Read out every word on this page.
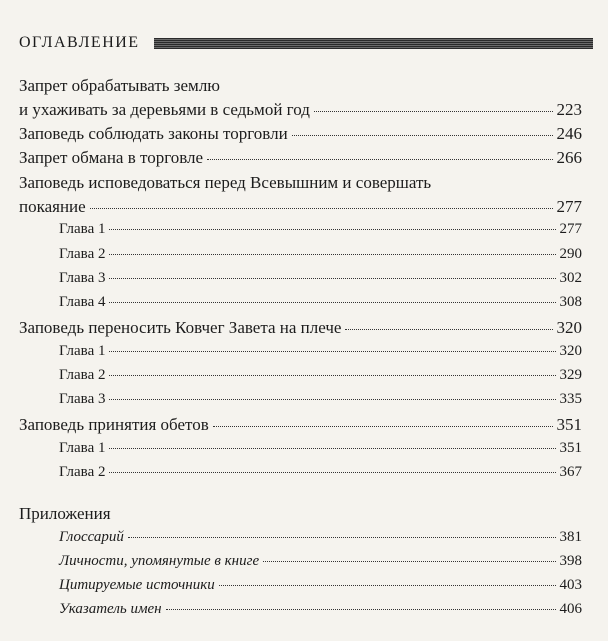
ОГЛАВЛЕНИЕ
Запрет обрабатывать землю
и ухаживать за деревьями в седьмой год	223
Заповедь соблюдать законы торговли	246
Запрет обмана в торговле	266
Заповедь исповедоваться перед Всевышним и совершать
покаяние	277
Глава 1	277
Глава 2	290
Глава 3	302
Глава 4	308
Заповедь переносить Ковчег Завета на плече	320
Глава 1	320
Глава 2	329
Глава 3	335
Заповедь принятия обетов	351
Глава 1	351
Глава 2	367
Приложения
Глоссарий	381
Личности, упомянутые в книге	398
Цитируемые источники	403
Указатель имен	406
